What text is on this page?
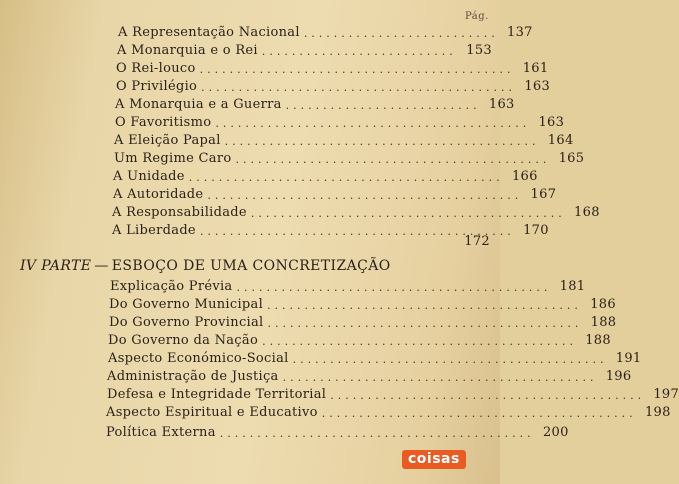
Pág.
A Representação Nacional .......................... 137
A Monarquia e o Rei .......................... 153
O Rei-louco .......................................... 161
O Privilégio .......................................... 163
A Monarquia e a Guerra .......................... 163
O Favoritismo .......................................... 163
A Eleição Papal .......................................... 164
Um Regime Caro .......................................... 165
A Unidade .......................................... 166
A Autoridade .......................................... 167
A Responsabilidade .......................................... 168
A Liberdade .......................................... 170
172
IV PARTE — ESBOÇO DE UMA CONCRETIZAÇÃO
Explicação Prévia .......................................... 181
Do Governo Municipal .......................................... 186
Do Governo Provincial .......................................... 188
Do Governo da Nação .......................................... 188
Aspecto Económico-Social .......................................... 191
Administração de Justiça .......................................... 196
Defesa e Integridade Territorial .......................................... 197
Aspecto Espiritual e Educativo .......................................... 198
Política Externa .......................................... 200
coisas
